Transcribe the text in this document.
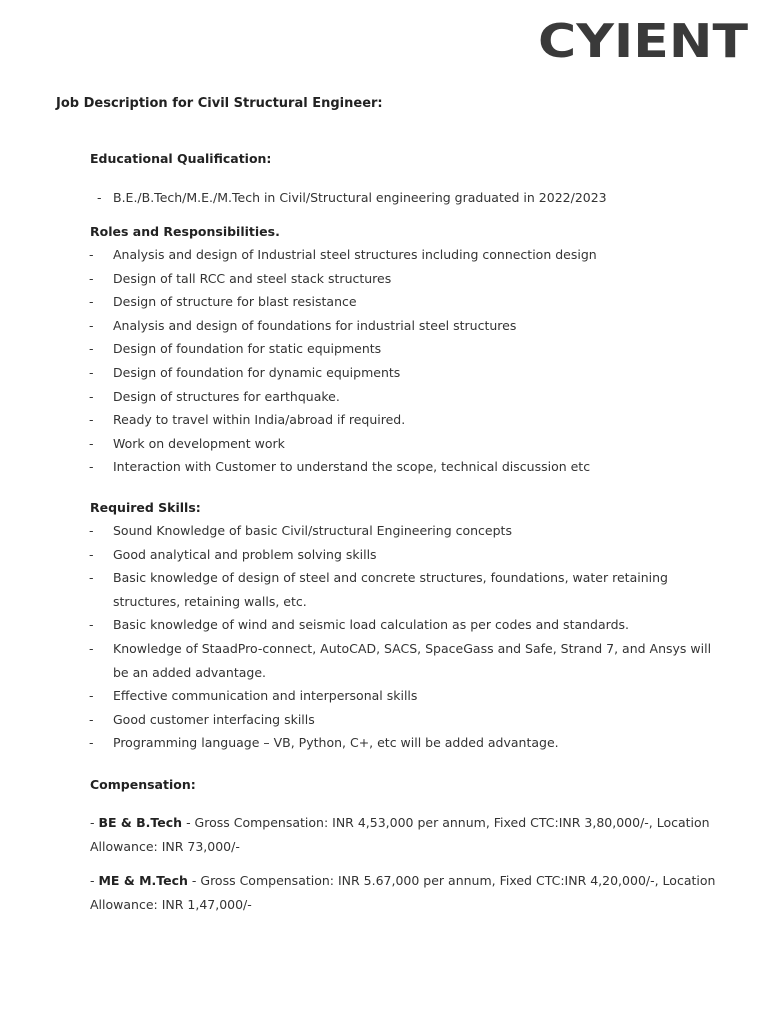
CYIENT
Job Description for Civil Structural Engineer:
Educational Qualification:
- B.E./B.Tech/M.E./M.Tech in Civil/Structural engineering graduated in 2022/2023
Roles and Responsibilities.
- Analysis and design of Industrial steel structures including connection design
- Design of tall RCC and steel stack structures
- Design of structure for blast resistance
- Analysis and design of foundations for industrial steel structures
- Design of foundation for static equipments
- Design of foundation for dynamic equipments
- Design of structures for earthquake.
- Ready to travel within India/abroad if required.
- Work on development work
- Interaction with Customer to understand the scope, technical discussion etc
Required Skills:
- Sound Knowledge of basic Civil/structural Engineering concepts
- Good analytical and problem solving skills
- Basic knowledge of design of steel and concrete structures, foundations, water retaining structures, retaining walls, etc.
- Basic knowledge of wind and seismic load calculation as per codes and standards.
- Knowledge of StaadPro-connect, AutoCAD, SACS, SpaceGass and Safe, Strand 7, and Ansys will be an added advantage.
- Effective communication and interpersonal skills
- Good customer interfacing skills
- Programming language – VB, Python, C+, etc will be added advantage.
Compensation:
- BE & B.Tech - Gross Compensation: INR 4,53,000 per annum, Fixed CTC:INR 3,80,000/-, Location Allowance: INR 73,000/-
- ME & M.Tech - Gross Compensation: INR 5.67,000 per annum, Fixed CTC:INR 4,20,000/-, Location Allowance: INR 1,47,000/-
